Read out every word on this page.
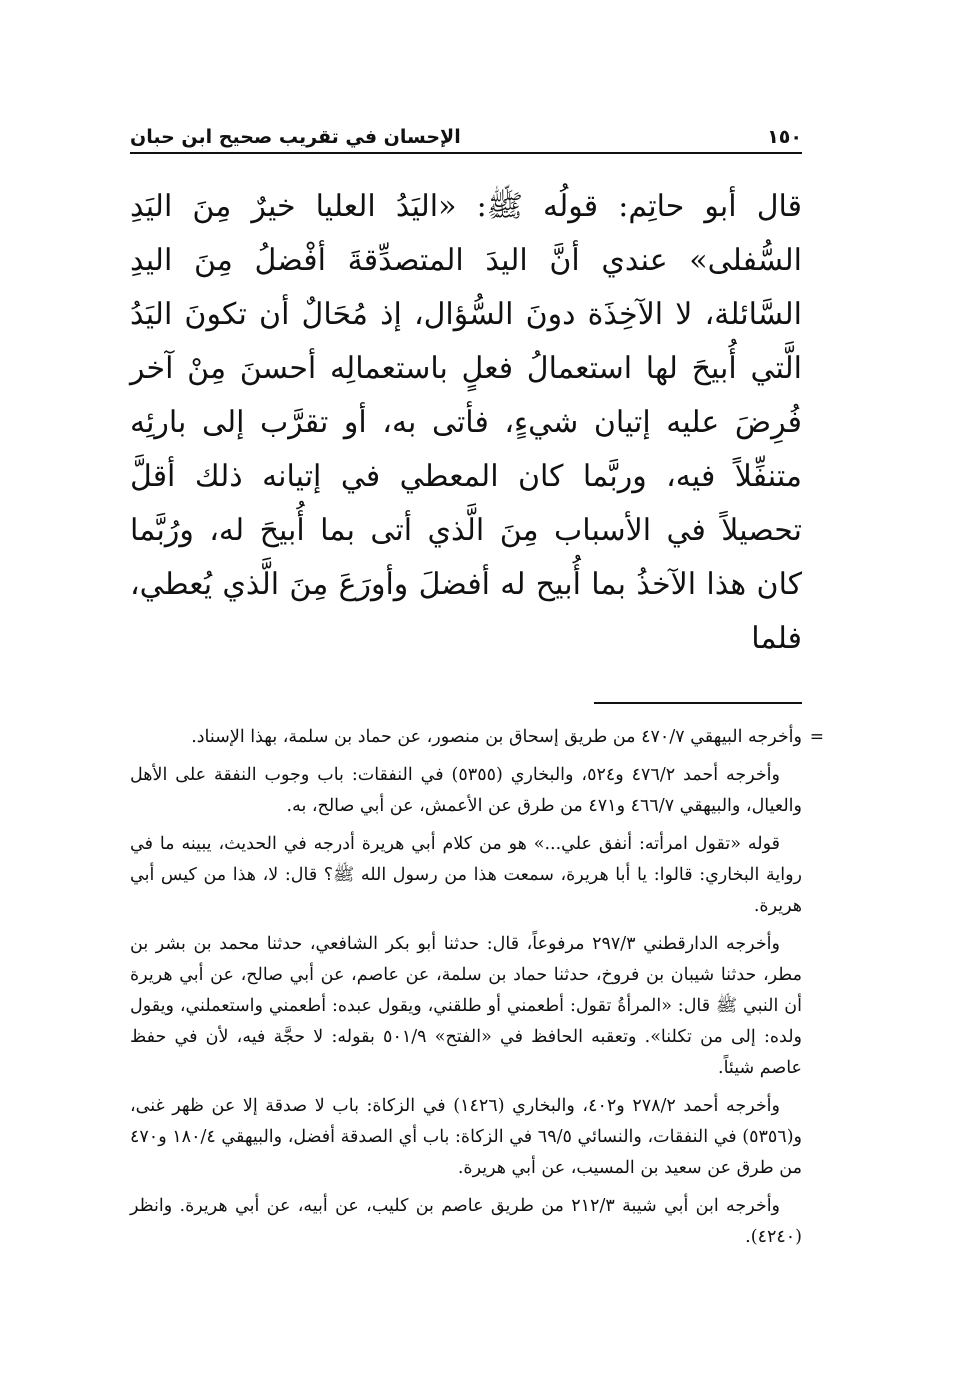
١٥٠
الإحسان في تقريب صحيح ابن حبان

قال أبو حاتِم: قولُه ﷺ: «اليَدُ العليا خيرٌ مِنَ اليَدِ السُّفلى» عندي أنَّ اليدَ المتصدِّقةَ أفْضلُ مِنَ اليدِ السَّائلة، لا الآخِذَة دونَ السُّؤال، إذ مُحَالٌ أن تكونَ اليَدُ الَّتي أُبيحَ لها استعمالُ فعلٍ باستعمالِه أحسنَ مِنْ آخر فُرِضَ عليه إتيان شيءٍ، فأتى به، أو تقرَّب إلى بارئِه متنفِّلاً فيه، وربَّما كان المعطي في إتيانه ذلك أقلَّ تحصيلاً في الأسباب مِنَ الَّذي أتى بما أُبيحَ له، ورُبَّما كان هذا الآخذُ بما أُبيح له أفضلَ وأورَعَ مِنَ الَّذي يُعطي، فلما

=

وأخرجه البيهقي ٤٧٠/٧ من طريق إسحاق بن منصور، عن حماد بن سلمة، بهذا الإسناد.

وأخرجه أحمد ٤٧٦/٢ و٥٢٤، والبخاري (٥٣٥٥) في النفقات: باب وجوب النفقة على الأهل والعيال، والبيهقي ٤٦٦/٧ و٤٧١ من طرق عن الأعمش، عن أبي صالح، به.

قوله «تقول امرأته: أنفق علي...» هو من كلام أبي هريرة أدرجه في الحديث، يبينه ما في رواية البخاري: قالوا: يا أبا هريرة، سمعت هذا من رسول الله ﷺ؟ قال: لا، هذا من كيس أبي هريرة.

وأخرجه الدارقطني ٢٩٧/٣ مرفوعاً، قال: حدثنا أبو بكر الشافعي، حدثنا محمد بن بشر بن مطر، حدثنا شيبان بن فروخ، حدثنا حماد بن سلمة، عن عاصم، عن أبي صالح، عن أبي هريرة أن النبي ﷺ قال: «المرأةُ تقول: أطعمني أو طلقني، ويقول عبده: أطعمني واستعملني، ويقول ولده: إلى من تكلنا». وتعقبه الحافظ في «الفتح» ٥٠١/٩ بقوله: لا حجَّة فيه، لأن في حفظ عاصم شيئاً.

وأخرجه أحمد ٢٧٨/٢ و٤٠٢، والبخاري (١٤٢٦) في الزكاة: باب لا صدقة إلا عن ظهر غنى، و(٥٣٥٦) في النفقات، والنسائي ٦٩/٥ في الزكاة: باب أي الصدقة أفضل، والبيهقي ١٨٠/٤ و٤٧٠ من طرق عن سعيد بن المسيب، عن أبي هريرة.

وأخرجه ابن أبي شيبة ٢١٢/٣ من طريق عاصم بن كليب، عن أبيه، عن أبي هريرة. وانظر (٤٢٤٠).
